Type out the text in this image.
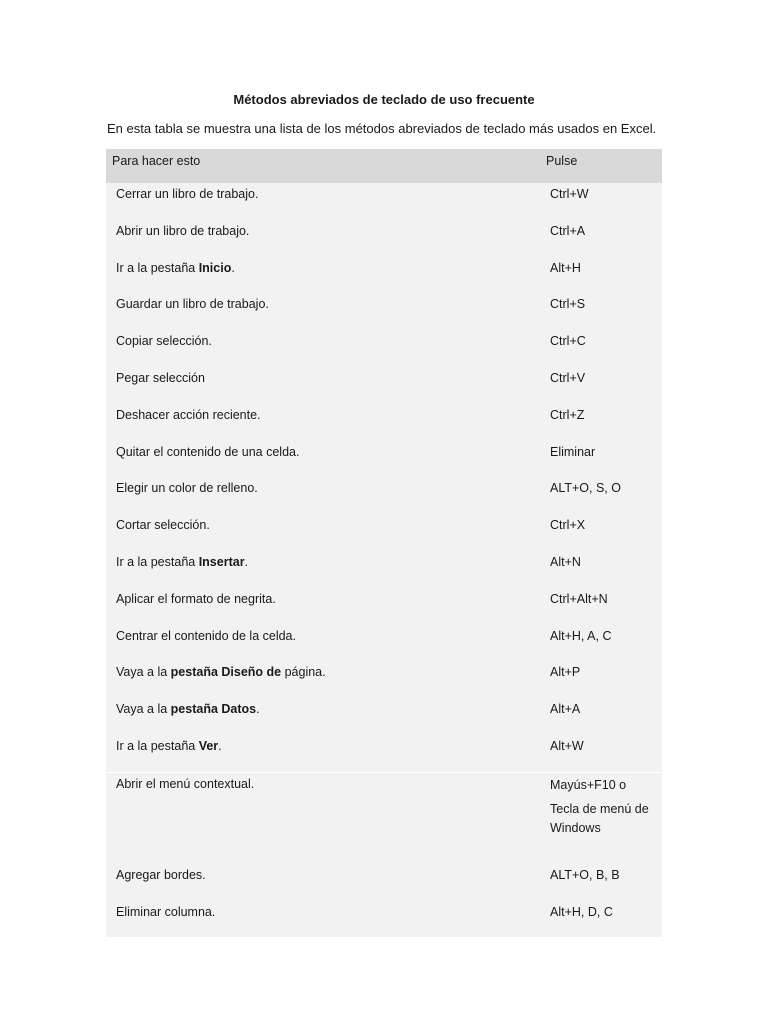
Métodos abreviados de teclado de uso frecuente
En esta tabla se muestra una lista de los métodos abreviados de teclado más usados en Excel.
Para hacer esto	Pulse
Cerrar un libro de trabajo.	Ctrl+W
Abrir un libro de trabajo.	Ctrl+A
Ir a la pestaña Inicio.	Alt+H
Guardar un libro de trabajo.	Ctrl+S
Copiar selección.	Ctrl+C
Pegar selección	Ctrl+V
Deshacer acción reciente.	Ctrl+Z
Quitar el contenido de una celda.	Eliminar
Elegir un color de relleno.	ALT+O, S, O
Cortar selección.	Ctrl+X
Ir a la pestaña Insertar.	Alt+N
Aplicar el formato de negrita.	Ctrl+Alt+N
Centrar el contenido de la celda.	Alt+H, A, C
Vaya a la pestaña Diseño de página.	Alt+P
Vaya a la pestaña Datos.	Alt+A
Ir a la pestaña Ver.	Alt+W
Abrir el menú contextual.	Mayús+F10 o
Tecla de menú de Windows
Agregar bordes.	ALT+O, B, B
Eliminar columna.	Alt+H, D, C
